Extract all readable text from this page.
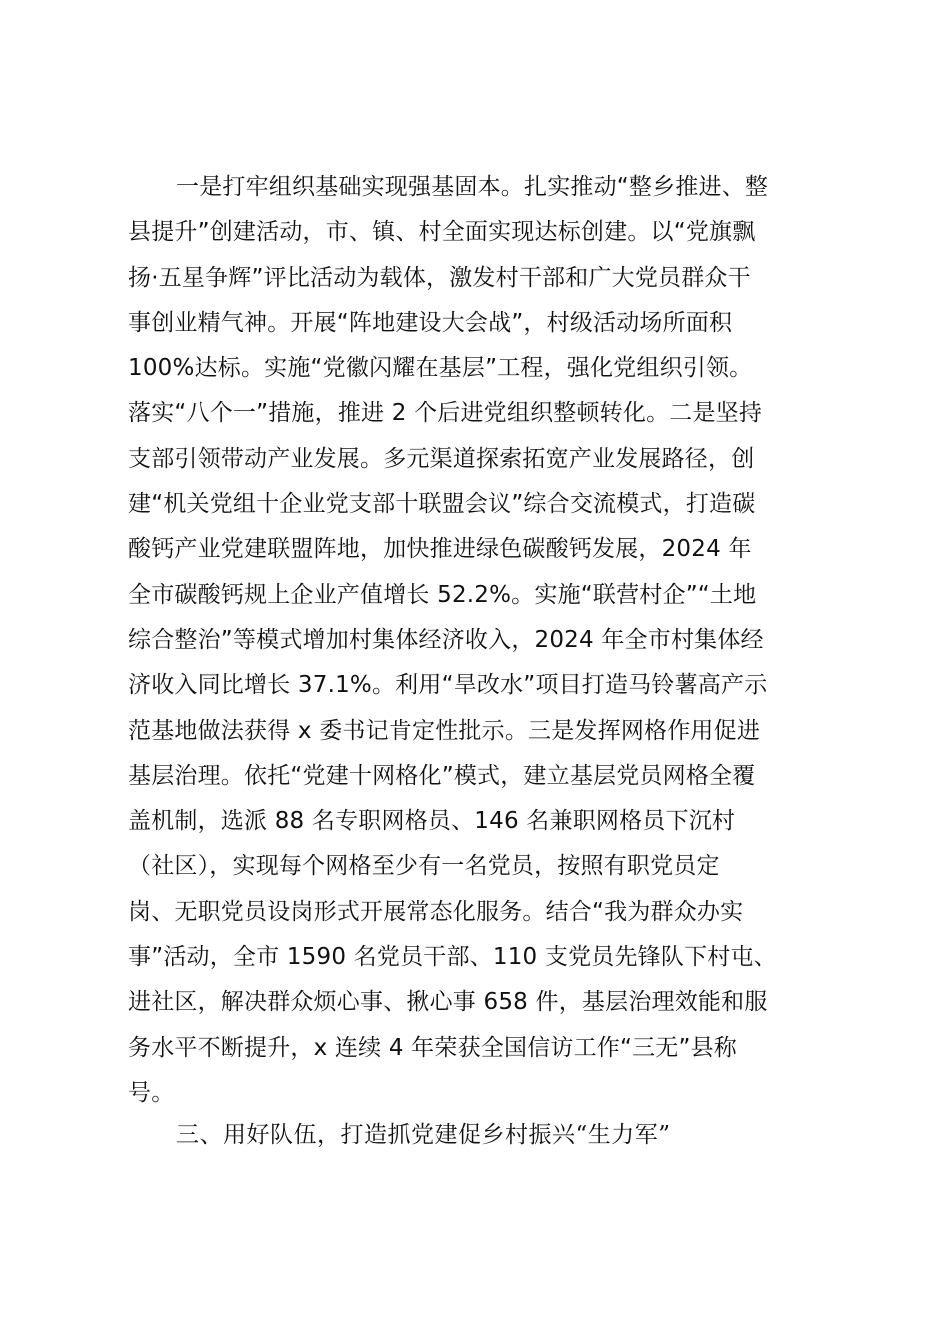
一是打牢组织基础实现强基固本。扎实推动“整乡推进、整
县提升”创建活动，市、镇、村全面实现达标创建。以“党旗飘
扬·五星争辉”评比活动为载体，激发村干部和广大党员群众干
事创业精气神。开展“阵地建设大会战”，村级活动场所面积
100%达标。实施“党徽闪耀在基层”工程，强化党组织引领。
落实“八个一”措施，推进 2 个后进党组织整顿转化。二是坚持
支部引领带动产业发展。多元渠道探索拓宽产业发展路径，创
建“机关党组十企业党支部十联盟会议”综合交流模式，打造碳
酸钙产业党建联盟阵地，加快推进绿色碳酸钙发展，2024 年
全市碳酸钙规上企业产值增长 52.2%。实施“联营村企”“土地
综合整治”等模式增加村集体经济收入，2024 年全市村集体经
济收入同比增长 37.1%。利用“旱改水”项目打造马铃薯高产示
范基地做法获得 x 委书记肯定性批示。三是发挥网格作用促进
基层治理。依托“党建十网格化”模式，建立基层党员网格全覆
盖机制，选派 88 名专职网格员、146 名兼职网格员下沉村
（社区），实现每个网格至少有一名党员，按照有职党员定
岗、无职党员设岗形式开展常态化服务。结合“我为群众办实
事”活动，全市 1590 名党员干部、110 支党员先锋队下村屯、
进社区，解决群众烦心事、揪心事 658 件，基层治理效能和服
务水平不断提升，x 连续 4 年荣获全国信访工作“三无”县称
号。
三、用好队伍，打造抓党建促乡村振兴“生力军”
